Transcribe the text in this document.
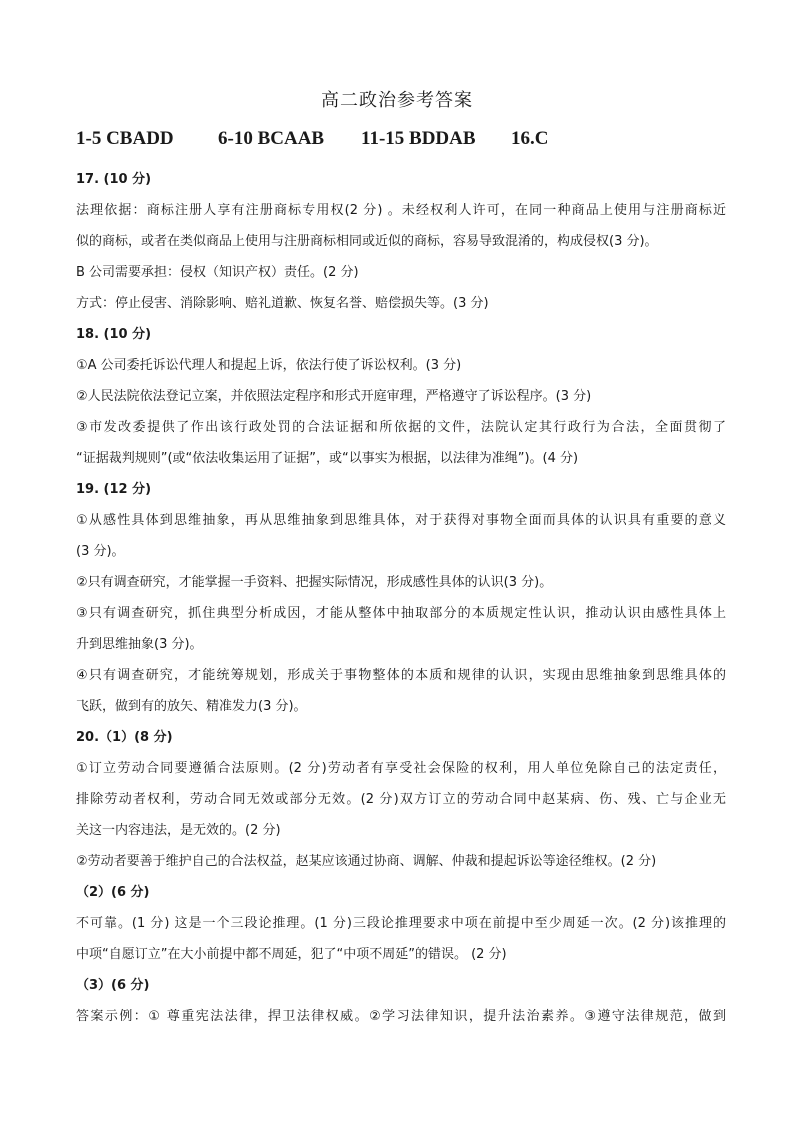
高二政治参考答案
1-5 CBADD 6-10 BCAAB 11-15 BDDAB 16.C
17. (10 分)
法理依据：商标注册人享有注册商标专用权(2 分) 。未经权利人许可，在同一种商品上使用与注册商标近
似的商标，或者在类似商品上使用与注册商标相同或近似的商标，容易导致混淆的，构成侵权(3 分)。
B 公司需要承担：侵权（知识产权）责任。(2 分)
方式：停止侵害、消除影响、赔礼道歉、恢复名誉、赔偿损失等。(3 分)
18. (10 分)
①A 公司委托诉讼代理人和提起上诉，依法行使了诉讼权利。(3 分)
②人民法院依法登记立案，并依照法定程序和形式开庭审理，严格遵守了诉讼程序。(3 分)
③市发改委提供了作出该行政处罚的合法证据和所依据的文件，法院认定其行政行为合法，全面贯彻了
“证据裁判规则”(或“依法收集运用了证据”，或“以事实为根据，以法律为准绳”)。(4 分)
19. (12 分)
①从感性具体到思维抽象，再从思维抽象到思维具体，对于获得对事物全面而具体的认识具有重要的意义
(3 分)。
②只有调查研究，才能掌握一手资料、把握实际情况，形成感性具体的认识(3 分)。
③只有调查研究，抓住典型分析成因，才能从整体中抽取部分的本质规定性认识，推动认识由感性具体上
升到思维抽象(3 分)。
④只有调查研究，才能统筹规划，形成关于事物整体的本质和规律的认识，实现由思维抽象到思维具体的
飞跃，做到有的放矢、精准发力(3 分)。
20.（1）(8 分)
①订立劳动合同要遵循合法原则。(2 分)劳动者有享受社会保险的权利，用人单位免除自己的法定责任，
排除劳动者权利，劳动合同无效或部分无效。(2 分)双方订立的劳动合同中赵某病、伤、残、亡与企业无
关这一内容违法，是无效的。(2 分)
②劳动者要善于维护自己的合法权益，赵某应该通过协商、调解、仲裁和提起诉讼等途径维权。(2 分)
（2）(6 分)
不可靠。(1 分) 这是一个三段论推理。(1 分)三段论推理要求中项在前提中至少周延一次。(2 分)该推理的
中项“自愿订立”在大小前提中都不周延，犯了“中项不周延”的错误。 (2 分)
（3）(6 分)
答案示例：① 尊重宪法法律，捍卫法律权威。②学习法律知识，提升法治素养。③遵守法律规范，做到
